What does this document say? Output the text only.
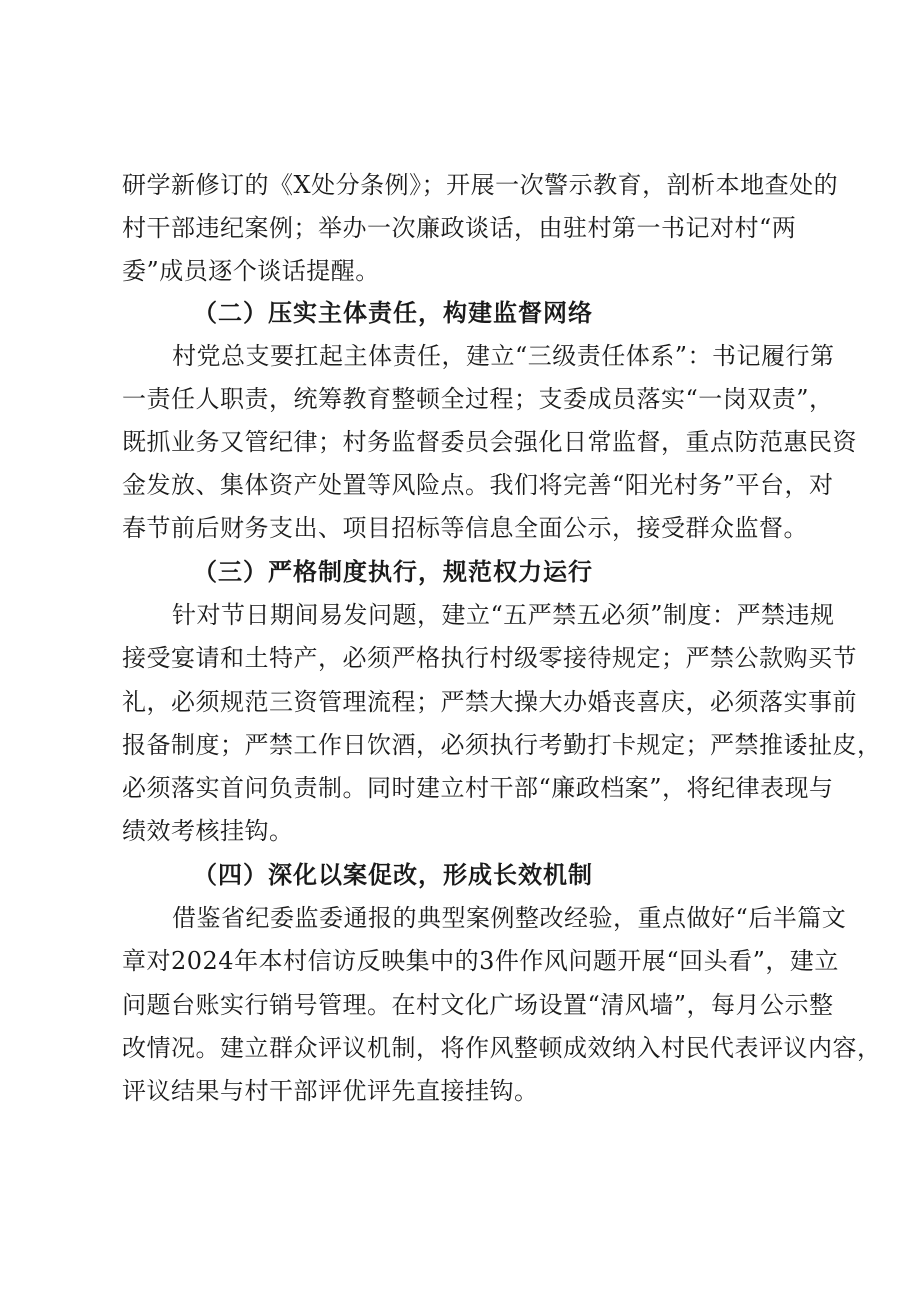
研学新修订的《X处分条例》；开展一次警示教育，剖析本地查处的
村干部违纪案例；举办一次廉政谈话，由驻村第一书记对村“两
委”成员逐个谈话提醒。
（二）压实主体责任，构建监督网络
村党总支要扛起主体责任，建立“三级责任体系”：书记履行第
一责任人职责，统筹教育整顿全过程；支委成员落实“一岗双责”，
既抓业务又管纪律；村务监督委员会强化日常监督，重点防范惠民资
金发放、集体资产处置等风险点。我们将完善“阳光村务”平台，对
春节前后财务支出、项目招标等信息全面公示，接受群众监督。
（三）严格制度执行，规范权力运行
针对节日期间易发问题，建立“五严禁五必须”制度：严禁违规
接受宴请和土特产，必须严格执行村级零接待规定；严禁公款购买节
礼，必须规范三资管理流程；严禁大操大办婚丧喜庆，必须落实事前
报备制度；严禁工作日饮酒，必须执行考勤打卡规定；严禁推诿扯皮，
必须落实首问负责制。同时建立村干部“廉政档案”，将纪律表现与
绩效考核挂钩。
（四）深化以案促改，形成长效机制
借鉴省纪委监委通报的典型案例整改经验，重点做好“后半篇文
章对2024年本村信访反映集中的3件作风问题开展“回头看”，建立
问题台账实行销号管理。在村文化广场设置“清风墙”，每月公示整
改情况。建立群众评议机制，将作风整顿成效纳入村民代表评议内容，
评议结果与村干部评优评先直接挂钩。
